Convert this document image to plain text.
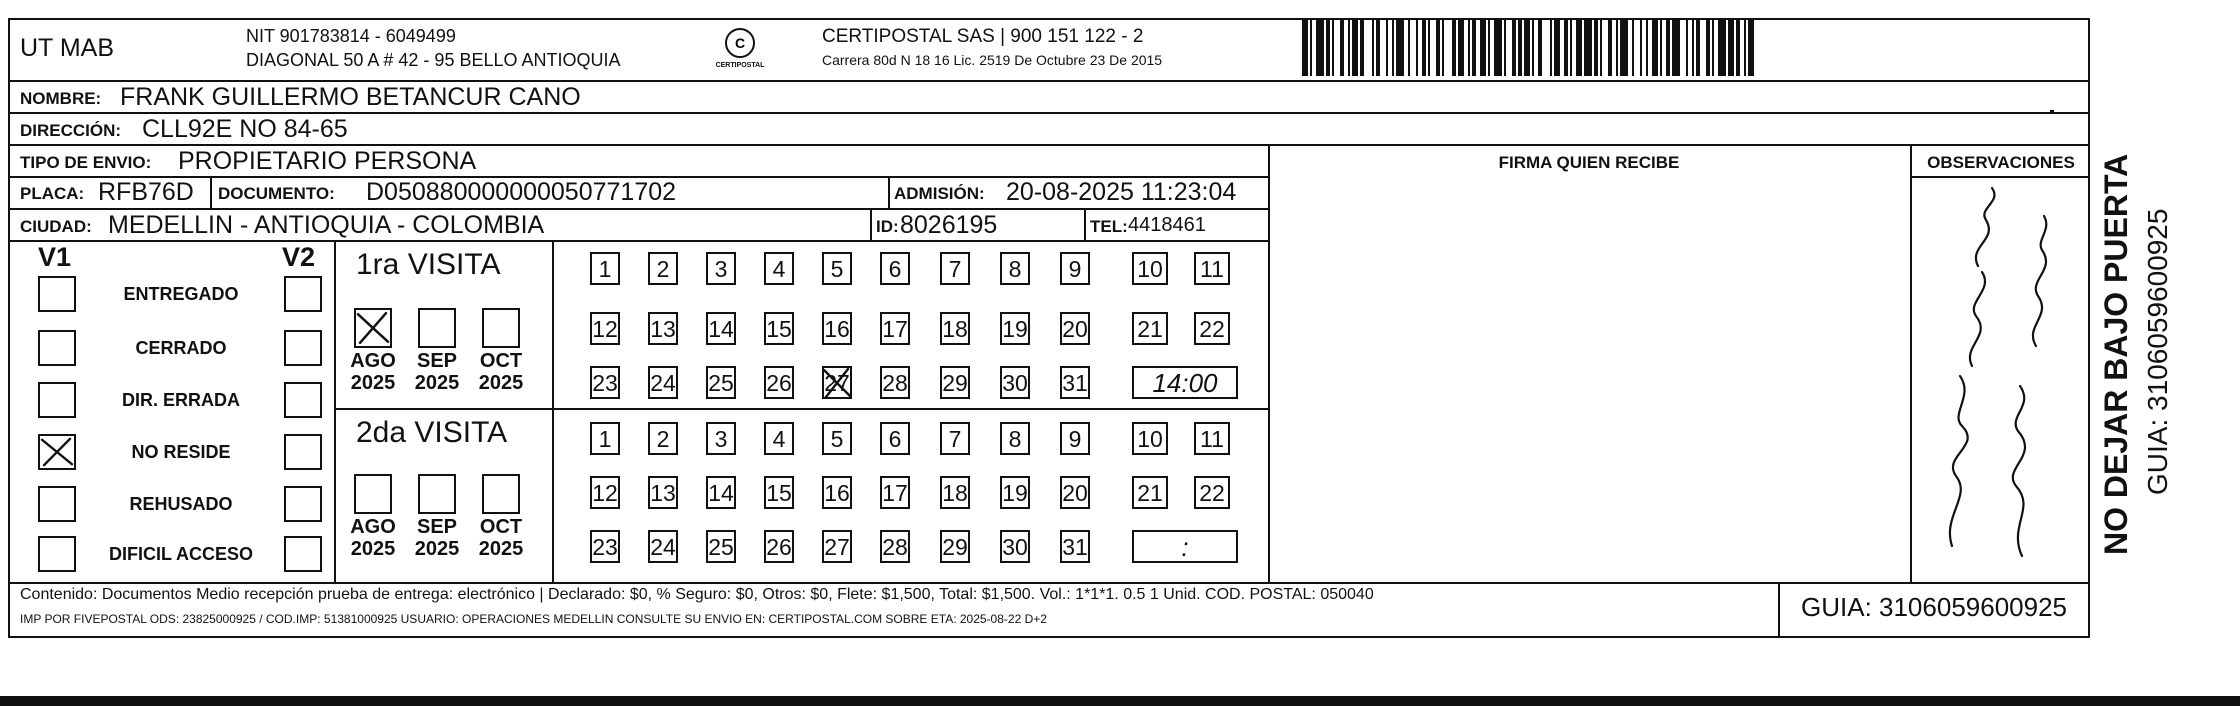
UT MAB	NIT 901783814 - 6049499
DIAGONAL 50 A # 42 - 95 BELLO ANTIOQUIA
C
CERTIPOSTAL
CERTIPOSTAL SAS | 900 151 122 - 2
Carrera 80d N 18 16 Lic. 2519 De Octubre 23 De 2015
NOMBRE: FRANK GUILLERMO BETANCUR CANO
DIRECCIÓN: CLL92E NO 84-65
TIPO DE ENVIO: PROPIETARIO PERSONA
PLACA: RFB76D DOCUMENTO: D050880000000050771702	ADMISIÓN: 20-08-2025 11:23:04
CIUDAD: MEDELLIN - ANTIOQUIA - COLOMBIA	ID: 8026195	TEL: 4418461
FIRMA QUIEN RECIBE	OBSERVACIONES
V1	V2
ENTREGADO
CERRADO
DIR. ERRADA
NO RESIDE
REHUSADO
DIFICIL ACCESO
1ra VISITA
AGO
2025
SEP
2025
OCT
2025
1	2	3	4	5	6	7	8	9	10 11
12 13 14 15 16 17 18 19 20 21 22
23 24 25 26 27 28 29 30 31	14:00
2da VISITA
AGO
2025
SEP
2025
OCT
2025
1	2	3	4	5	6	7	8	9	10 11
12 13 14 15 16 17 18 19 20 21 22
23 24 25 26 27 28 29 30 31	:
Contenido: Documentos Medio recepción prueba de entrega: electrónico | Declarado: $0, % Seguro: $0, Otros: $0, Flete: $1,500, Total: $1,500. Vol.: 1*1*1. 0.5 1 Unid. COD. POSTAL: 050040
IMP POR FIVEPOSTAL ODS: 23825000925 / COD.IMP: 51381000925 USUARIO: OPERACIONES MEDELLIN CONSULTE SU ENVIO EN: CERTIPOSTAL.COM SOBRE ETA: 2025-08-22 D+2	GUIA: 3106059600925
NO DEJAR BAJO PUERTA GUIA: 3106059600925
